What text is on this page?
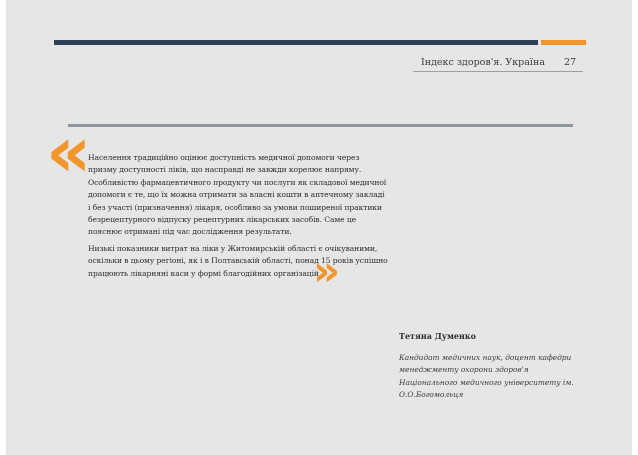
Індекс здоров'я. Україна 27
«

Населення традиційно оцінює доступність медичної допомоги через призму доступності ліків, що насправді не завжди корелює напряму. Особливістю фармацевтичного продукту чи послуги як складової медичної допомоги є те, що їх можна отримати за власні кошти в аптечному закладі і без участі (призначення) лікаря, особливо за умови поширеної практики безрецептурного відпуску рецептурних лікарських засобів. Саме це пояснює отримані під час дослідження результати.

Низькі показники витрат на ліки у Житомирській області є очікуваними, оскільки в цьому регіоні, як і в Полтавській області, понад 15 років успішно працюють лікарняні каси у формі благодійних організацій.

»
Тетяна Думенко
Кандидат медичних наук, доцент кафедри менеджменту охорони здоров'я Національного медичного університету ім. О.О.Богомольця
